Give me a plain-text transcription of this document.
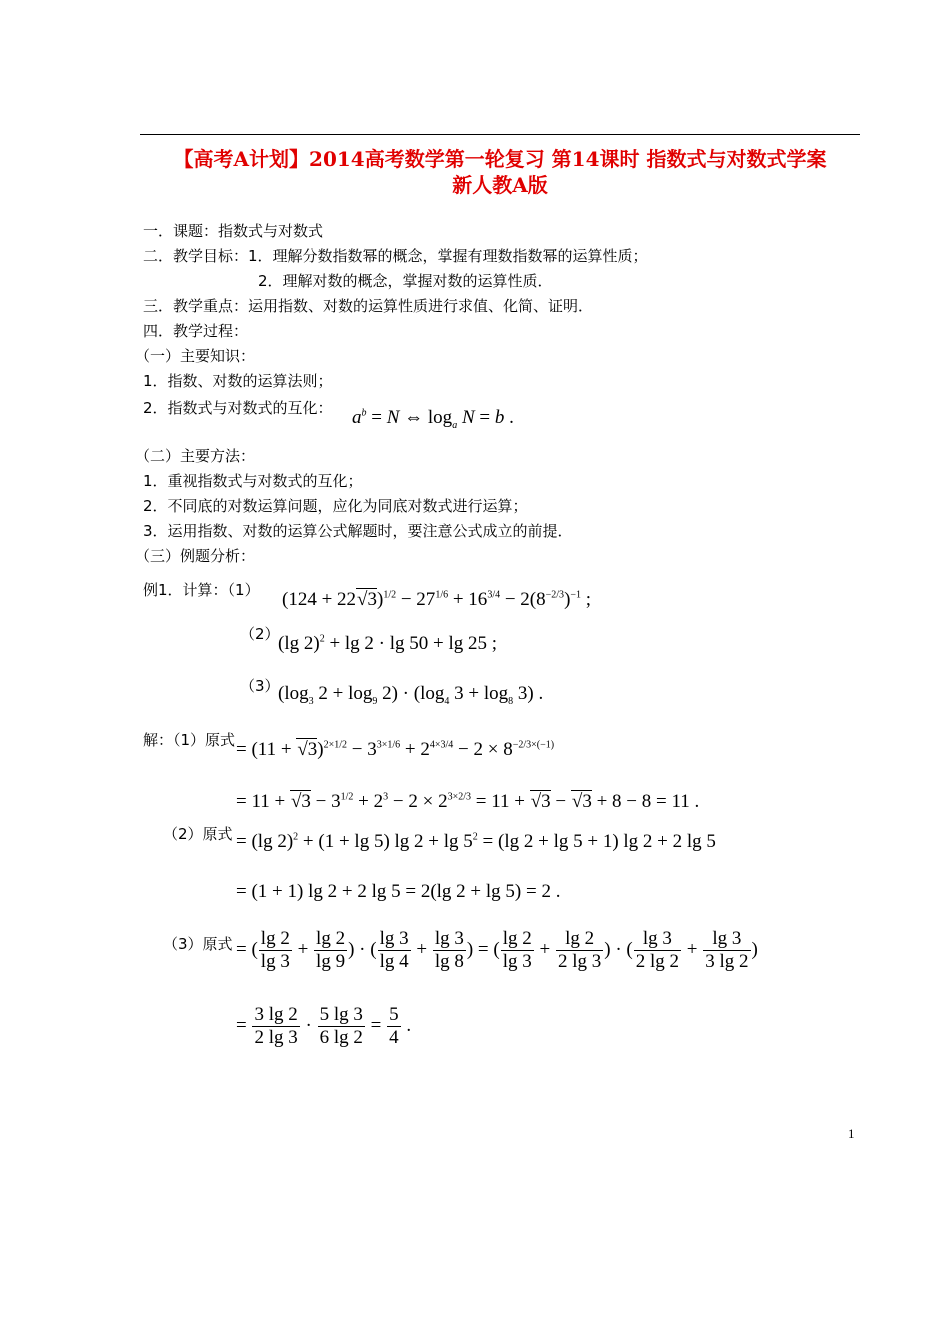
【高考A计划】2014高考数学第一轮复习 第14课时 指数式与对数式学案
新人教A版
一．课题：指数式与对数式
二．教学目标：1．理解分数指数幂的概念，掌握有理数指数幂的运算性质；
2．理解对数的概念，掌握对数的运算性质．
三．教学重点：运用指数、对数的运算性质进行求值、化简、证明．
四．教学过程：
（一）主要知识：
1．指数、对数的运算法则；
2．指数式与对数式的互化： $a^b = N$ ⇔ $\log_a N = b$ .
（二）主要方法：
1．重视指数式与对数式的互化；
2．不同底的对数运算问题，应化为同底对数式进行运算；
3．运用指数、对数的运算公式解题时，要注意公式成立的前提．
（三）例题分析：
例1．计算：（1） $(124 + 22√3)^{1/2} - 27^{1/6} + 16^{3/4} - 2(8^{-2/3})^{-1}$ ;
（2）
(lg 2)$^2$ + lg 2 · lg 50 + lg 25 ;
（3）
($\log_3$ $2 + \log_9 2) \cdot (\log_4$ $3 + \log_8 3$) .
解：（1）原式 = $(11 + √3)^{2\times 1/2} - 3^{3\times 1/6} + 2^{4\times 3/4} - 2 \times 8^{-2/3\times(-1)}$
= $11 + √3 - 3^{1/2} + 2^3 - 2 \times 2^{3\times 2/3} = 11 + √3 - √3 + 8 - 8 = 11$ .
（2）原式 = (lg 2)$^2$ + (1 + lg 5) $\lg 2 + \lg 5^2 = (\lg$ 2 + lg 5 + 1) lg 2 + 2 lg 5
= (1 + 1) lg 2 + 2 lg 5 = 2(lg 2 + lg 5) = 2 .
（3）原式 = ( $\frac{\lg 2}{\lg 3} + \frac{\lg 2}{\lg 9}$ ) · ( $\frac{\lg 3}{\lg 4} + \frac{\lg 3}{\lg 8}$ ) = ( $\frac{\lg 2}{\lg 3} + \frac{\lg 2}{2 \lg 3}$ ) · ( $\frac{\lg 3}{2 \lg 2} + \frac{\lg 3}{3 \lg 2}$ )
= $\frac{3 \lg 2}{2 \lg 3} \cdot \frac{5 \lg 3}{6 \lg 2} = \frac{5}{4}$ .
1
